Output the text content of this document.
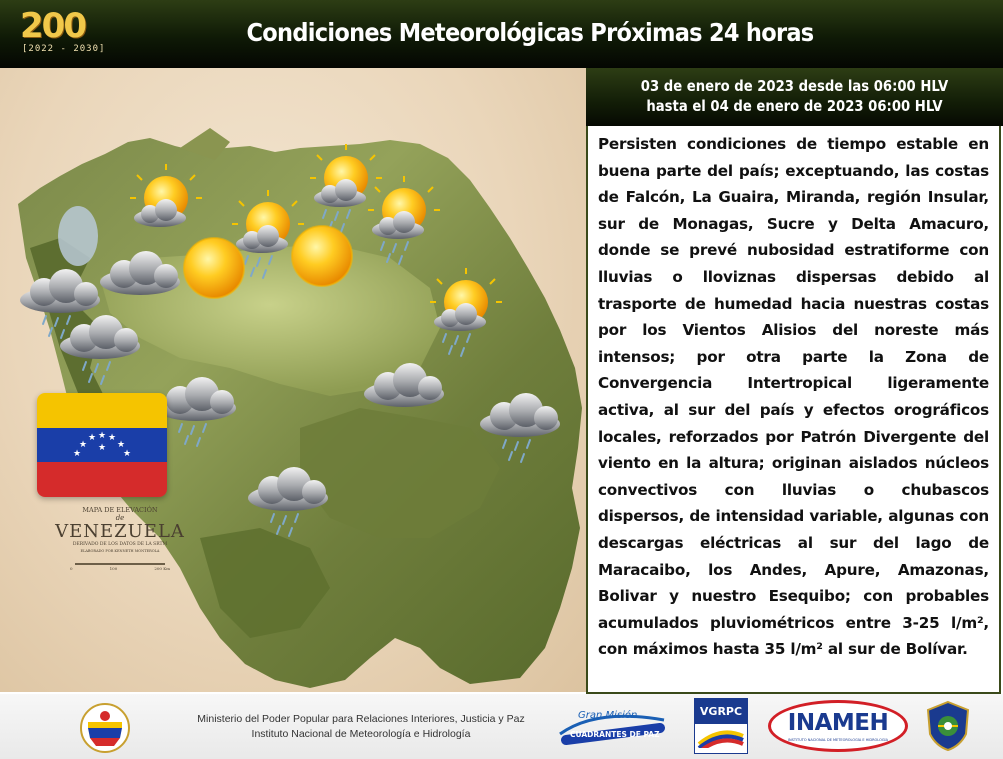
200
[2022 - 2030]
Condiciones Meteorológicas Próximas 24 horas
★
★
★ ★ ★
★
★
★
MAPA DE ELEVACIÓN
de
VENEZUELA
DERIVADO DE LOS DATOS DE LA SRTM
ELABORADO POR KENNETH MONTEROLA
0	100	200 Km
03 de enero de 2023 desde las 06:00 HLV
hasta el 04 de enero de 2023 06:00 HLV

Persisten condiciones de tiempo estable en buena parte del país; exceptuando, las costas de Falcón, La Guaira, Miranda, región Insular, sur de Monagas, Sucre y Delta Amacuro, donde se prevé nubosidad estratiforme con lluvias o lloviznas dispersas debido al trasporte de humedad hacia nuestras costas por los Vientos Alisios del noreste más intensos; por otra parte la Zona de Convergencia Intertropical ligeramente activa, al sur del país y efectos orográficos locales, reforzados por Patrón Divergente del viento en la altura; originan aislados núcleos convectivos con lluvias o chubascos dispersos, de intensidad variable, algunas con descargas eléctricas al sur del lago de Maracaibo, los Andes, Apure, Amazonas, Bolivar y nuestro Esequibo; con probables acumulados pluviométricos entre 3-25 l/m², con máximos hasta 35 l/m² al sur de Bolívar.

Ministerio del Poder Popular para Relaciones Interiores, Justicia y Paz
Instituto Nacional de Meteorología e Hidrología
Gran Misión
CUADRANTES DE PAZ
VGRPC	INAMEH
INSTITUTO NACIONAL DE METEOROLOGÍA E HIDROLOGÍA
